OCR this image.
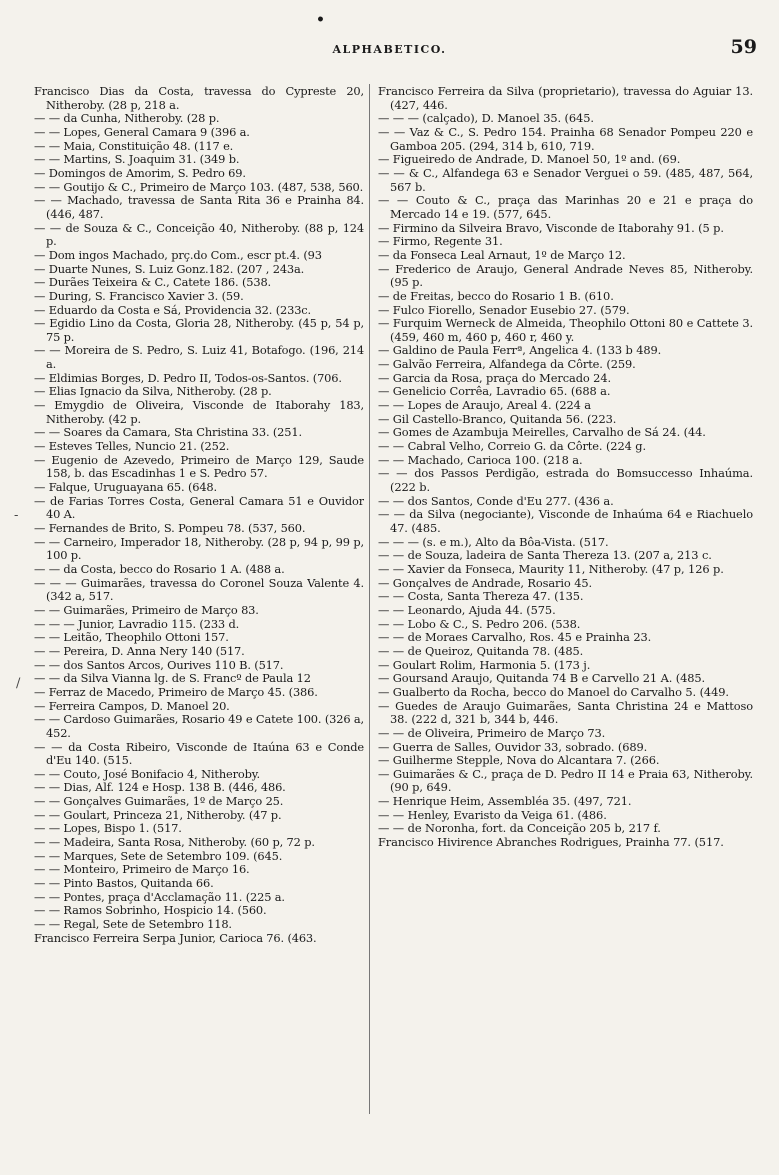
•
ALPHABETICO.	59
-
/

Francisco Dias da Costa, travessa do Cypreste 20, Nitheroby. (28 p, 218 a.

— — da Cunha, Nitheroby. (28 p.

— — Lopes, General Camara 9 (396 a.

— — Maia, Constituição 48. (117 e.

— — Martins, S. Joaquim 31. (349 b.

— Domingos de Amorim, S. Pedro 69.

— — Goutijo & C., Primeiro de Março 103. (487, 538, 560.

— — Machado, travessa de Santa Rita 36 e Prainha 84. (446, 487.

— — de Souza & C., Conceição 40, Nitheroby. (88 p, 124 p.

— Dom ingos Machado, prç.do Com., escr pt.4. (93

— Duarte Nunes, S. Luiz Gonz.182. (207 , 243a.

— Durães Teixeira & C., Catete 186. (538.

— During, S. Francisco Xavier 3. (59.

— Eduardo da Costa e Sá, Providencia 32. (233c.

— Egidio Lino da Costa, Gloria 28, Nitheroby. (45 p, 54 p, 75 p.

— — Moreira de S. Pedro, S. Luiz 41, Botafogo. (196, 214 a.

— Eldimias Borges, D. Pedro II, Todos-os-Santos. (706.

— Elias Ignacio da Silva, Nitheroby. (28 p.

— Emygdio de Oliveira, Visconde de Itaborahy 183, Nitheroby. (42 p.

— — Soares da Camara, Sta Christina 33. (251.

— Esteves Telles, Nuncio 21. (252.

— Eugenio de Azevedo, Primeiro de Março 129, Saude 158, b. das Escadinhas 1 e S. Pedro 57.

— Falque, Uruguayana 65. (648.

— de Farias Torres Costa, General Camara 51 e Ouvidor 40 A.

— Fernandes de Brito, S. Pompeu 78. (537, 560.

— — Carneiro, Imperador 18, Nitheroby. (28 p, 94 p, 99 p, 100 p.

— — da Costa, becco do Rosario 1 A. (488 a.

— — — Guimarães, travessa do Coronel Souza Valente 4. (342 a, 517.

— — Guimarães, Primeiro de Março 83.

— — — Junior, Lavradio 115. (233 d.

— — Leitão, Theophilo Ottoni 157.

— — Pereira, D. Anna Nery 140 (517.

— — dos Santos Arcos, Ourives 110 B. (517.

— — da Silva Vianna lg. de S. Francº de Paula 12

— Ferraz de Macedo, Primeiro de Março 45. (386.

— Ferreira Campos, D. Manoel 20.

— — Cardoso Guimarães, Rosario 49 e Catete 100. (326 a, 452.

— — da Costa Ribeiro, Visconde de Itaúna 63 e Conde d'Eu 140. (515.

— — Couto, José Bonifacio 4, Nitheroby.

— — Dias, Alf. 124 e Hosp. 138 B. (446, 486.

— — Gonçalves Guimarães, 1º de Março 25.

— — Goulart, Princeza 21, Nitheroby. (47 p.

— — Lopes, Bispo 1. (517.

— — Madeira, Santa Rosa, Nitheroby. (60 p, 72 p.

— — Marques, Sete de Setembro 109. (645.

— — Monteiro, Primeiro de Março 16.

— — Pinto Bastos, Quitanda 66.

— — Pontes, praça d'Acclamação 11. (225 a.

— — Ramos Sobrinho, Hospicio 14. (560.

— — Regal, Sete de Setembro 118.

Francisco Ferreira Serpa Junior, Carioca 76. (463.

Francisco Ferreira da Silva (proprietario), travessa do Aguiar 13. (427, 446.

— — — (calçado), D. Manoel 35. (645.

— — Vaz & C., S. Pedro 154. Prainha 68 Senador Pompeu 220 e Gamboa 205. (294, 314 b, 610, 719.

— Figueiredo de Andrade, D. Manoel 50, 1º and. (69.

— — & C., Alfandega 63 e Senador Verguei o 59. (485, 487, 564, 567 b.

— — Couto & C., praça das Marinhas 20 e 21 e praça do Mercado 14 e 19. (577, 645.

— Firmino da Silveira Bravo, Visconde de Itaborahy 91. (5 p.

— Firmo, Regente 31.

— da Fonseca Leal Arnaut, 1º de Março 12.

— Frederico de Araujo, General Andrade Neves 85, Nitheroby. (95 p.

— de Freitas, becco do Rosario 1 B. (610.

— Fulco Fiorello, Senador Eusebio 27. (579.

— Furquim Werneck de Almeida, Theophilo Ottoni 80 e Cattete 3. (459, 460 m, 460 p, 460 r, 460 y.

— Galdino de Paula Ferrª, Angelica 4. (133 b 489.

— Galvão Ferreira, Alfandega da Côrte. (259.

— Garcia da Rosa, praça do Mercado 24.

— Genelicio Corrêa, Lavradio 65. (688 a.

— — Lopes de Araujo, Areal 4. (224 a

— Gil Castello-Branco, Quitanda 56. (223.

— Gomes de Azambuja Meirelles, Carvalho de Sá 24. (44.

— — Cabral Velho, Correio G. da Côrte. (224 g.

— — Machado, Carioca 100. (218 a.

— — dos Passos Perdigão, estrada do Bomsuccesso Inhaúma. (222 b.

— — dos Santos, Conde d'Eu 277. (436 a.

— — da Silva (negociante), Visconde de Inhaúma 64 e Riachuelo 47. (485.

— — — (s. e m.), Alto da Bôa-Vista. (517.

— — de Souza, ladeira de Santa Thereza 13. (207 a, 213 c.

— — Xavier da Fonseca, Maurity 11, Nitheroby. (47 p, 126 p.

— Gonçalves de Andrade, Rosario 45.

— — Costa, Santa Thereza 47. (135.

— — Leonardo, Ajuda 44. (575.

— — Lobo & C., S. Pedro 206. (538.

— — de Moraes Carvalho, Ros. 45 e Prainha 23.

— — de Queiroz, Quitanda 78. (485.

— Goulart Rolim, Harmonia 5. (173 j.

— Goursand Araujo, Quitanda 74 B e Carvello 21 A. (485.

— Gualberto da Rocha, becco do Manoel do Carvalho 5. (449.

— Guedes de Araujo Guimarães, Santa Christina 24 e Mattoso 38. (222 d, 321 b, 344 b, 446.

— — de Oliveira, Primeiro de Março 73.

— Guerra de Salles, Ouvidor 33, sobrado. (689.

— Guilherme Stepple, Nova do Alcantara 7. (266.

— Guimarães & C., praça de D. Pedro II 14 e Praia 63, Nitheroby. (90 p, 649.

— Henrique Heim, Assembléa 35. (497, 721.

— — Henley, Evaristo da Veiga 61. (486.

— — de Noronha, fort. da Conceição 205 b, 217 f.

Francisco Hivirence Abranches Rodrigues, Prainha 77. (517.
